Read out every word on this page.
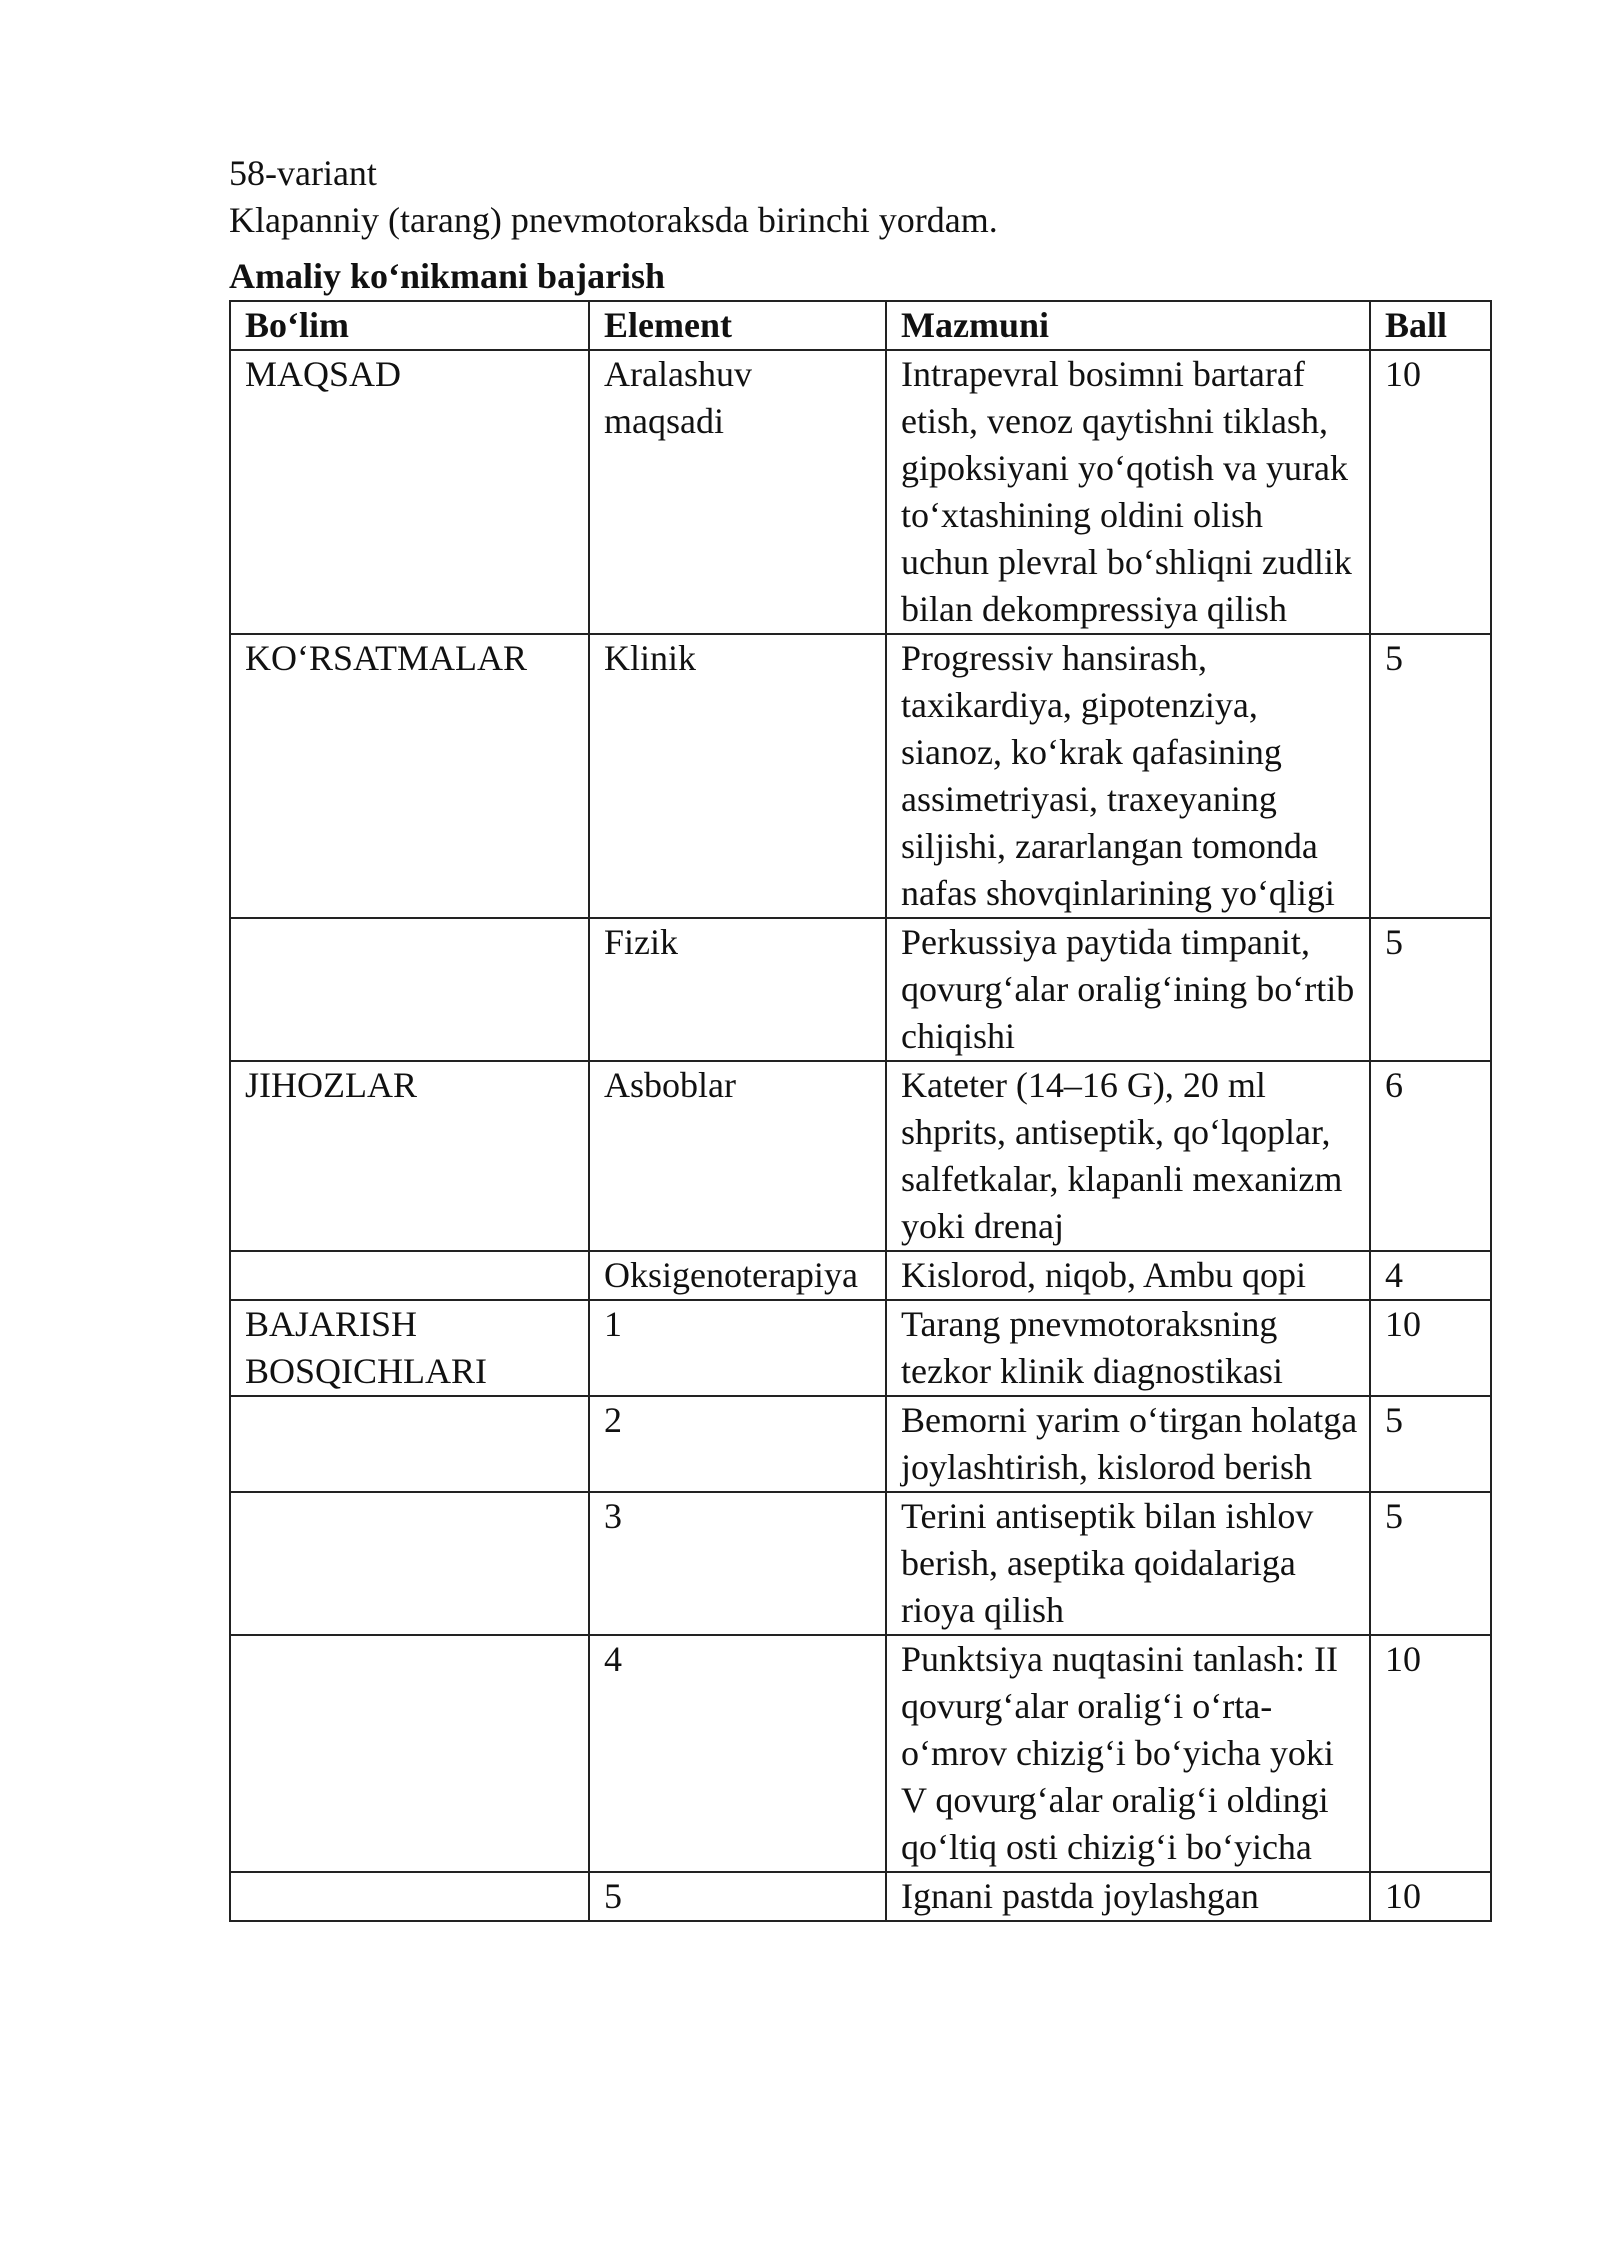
58-variant

Klapanniy (tarang) pnevmotoraksda birinchi yordam.

Amaliy ko‘nikmani bajarish

Bo‘lim	Element	Mazmuni	Ball
MAQSAD	Aralashuv maqsadi	Intrapevral bosimni bartaraf etish, venoz qaytishni tiklash, gipoksiyani yo‘qotish va yurak to‘xtashining oldini olish uchun plevral bo‘shliqni zudlik bilan dekompressiya qilish	10
KO‘RSATMALAR	Klinik	Progressiv hansirash, taxikardiya, gipotenziya, sianoz, ko‘krak qafasining assimetriyasi, traxeyaning siljishi, zararlangan tomonda nafas shovqinlarining yo‘qligi	5
	Fizik	Perkussiya paytida timpanit, qovurg‘alar oralig‘ining bo‘rtib chiqishi	5
JIHOZLAR	Asboblar	Kateter (14–16 G), 20 ml shprits, antiseptik, qo‘lqoplar, salfetkalar, klapanli mexanizm yoki drenaj	6
	Oksigenoterapiya	Kislorod, niqob, Ambu qopi	4
BAJARISH BOSQICHLARI	1	Tarang pnevmotoraksning tezkor klinik diagnostikasi	10
	2	Bemorni yarim o‘tirgan holatga joylashtirish, kislorod berish	5
	3	Terini antiseptik bilan ishlov berish, aseptika qoidalariga rioya qilish	5
	4	Punktsiya nuqtasini tanlash: II qovurg‘alar oralig‘i o‘rta-o‘mrov chizig‘i bo‘yicha yoki V qovurg‘alar oralig‘i oldingi qo‘ltiq osti chizig‘i bo‘yicha	10
	5	Ignani pastda joylashgan	10
